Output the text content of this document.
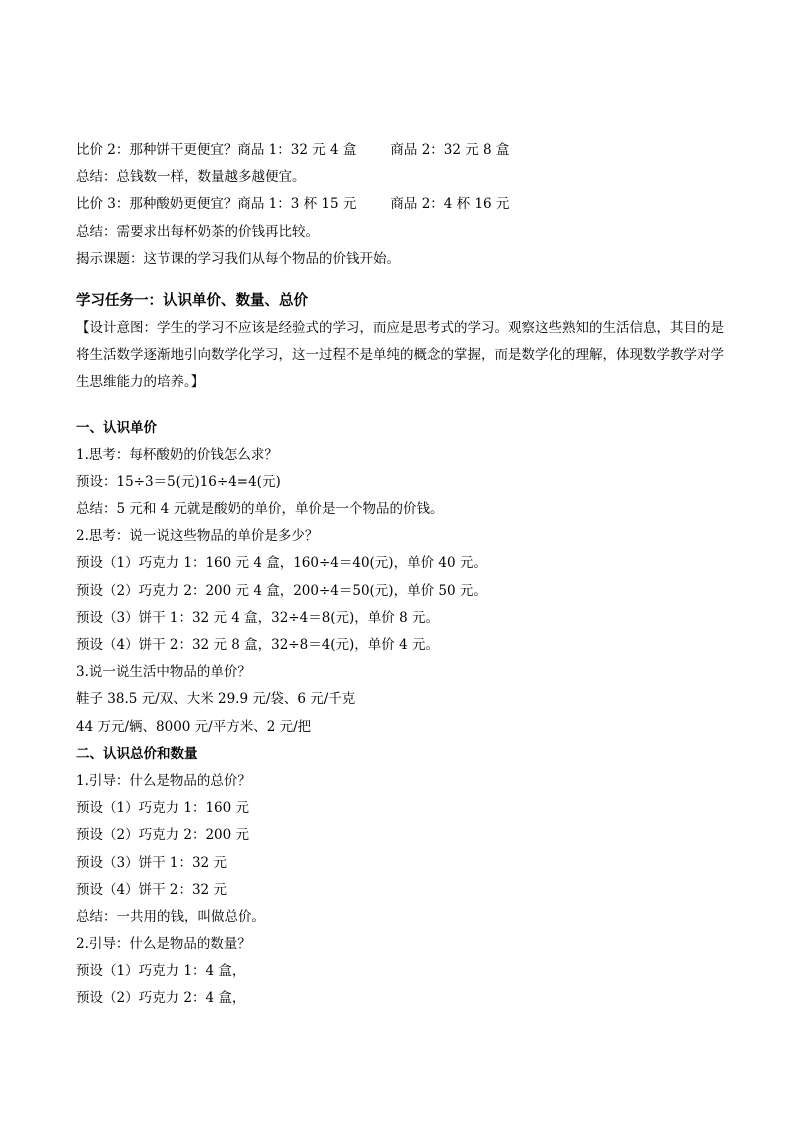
比价 2：那种饼干更便宜？商品 1：32 元 4 盒	商品 2：32 元 8 盒
总结：总钱数一样，数量越多越便宜。
比价 3：那种酸奶更便宜？商品 1：3 杯 15 元	商品 2：4 杯 16 元
总结：需要求出每杯奶茶的价钱再比较。
揭示课题：这节课的学习我们从每个物品的价钱开始。
学习任务一：认识单价、数量、总价
【设计意图：学生的学习不应该是经验式的学习，而应是思考式的学习。观察这些熟知的生活信息，其目的是将生活数学逐渐地引向数学化学习，这一过程不是单纯的概念的掌握，而是数学化的理解，体现数学教学对学生思维能力的培养。】
一、认识单价
1.思考：每杯酸奶的价钱怎么求？
预设：15÷3＝5(元)16÷4=4(元)
总结：5 元和 4 元就是酸奶的单价，单价是一个物品的价钱。
2.思考：说一说这些物品的单价是多少？
预设（1）巧克力 1：160 元 4 盒，160÷4＝40(元)，单价 40 元。
预设（2）巧克力 2：200 元 4 盒，200÷4＝50(元)，单价 50 元。
预设（3）饼干 1：32 元 4 盒，32÷4＝8(元)，单价 8 元。
预设（4）饼干 2：32 元 8 盒，32÷8＝4(元)，单价 4 元。
3.说一说生活中物品的单价？
鞋子 38.5 元/双、大米 29.9 元/袋、6 元/千克
44 万元/辆、8000 元/平方米、2 元/把
二、认识总价和数量
1.引导：什么是物品的总价？
预设（1）巧克力 1：160 元
预设（2）巧克力 2：200 元
预设（3）饼干 1：32 元
预设（4）饼干 2：32 元
总结：一共用的钱，叫做总价。
2.引导：什么是物品的数量？
预设（1）巧克力 1：4 盒，
预设（2）巧克力 2：4 盒，
